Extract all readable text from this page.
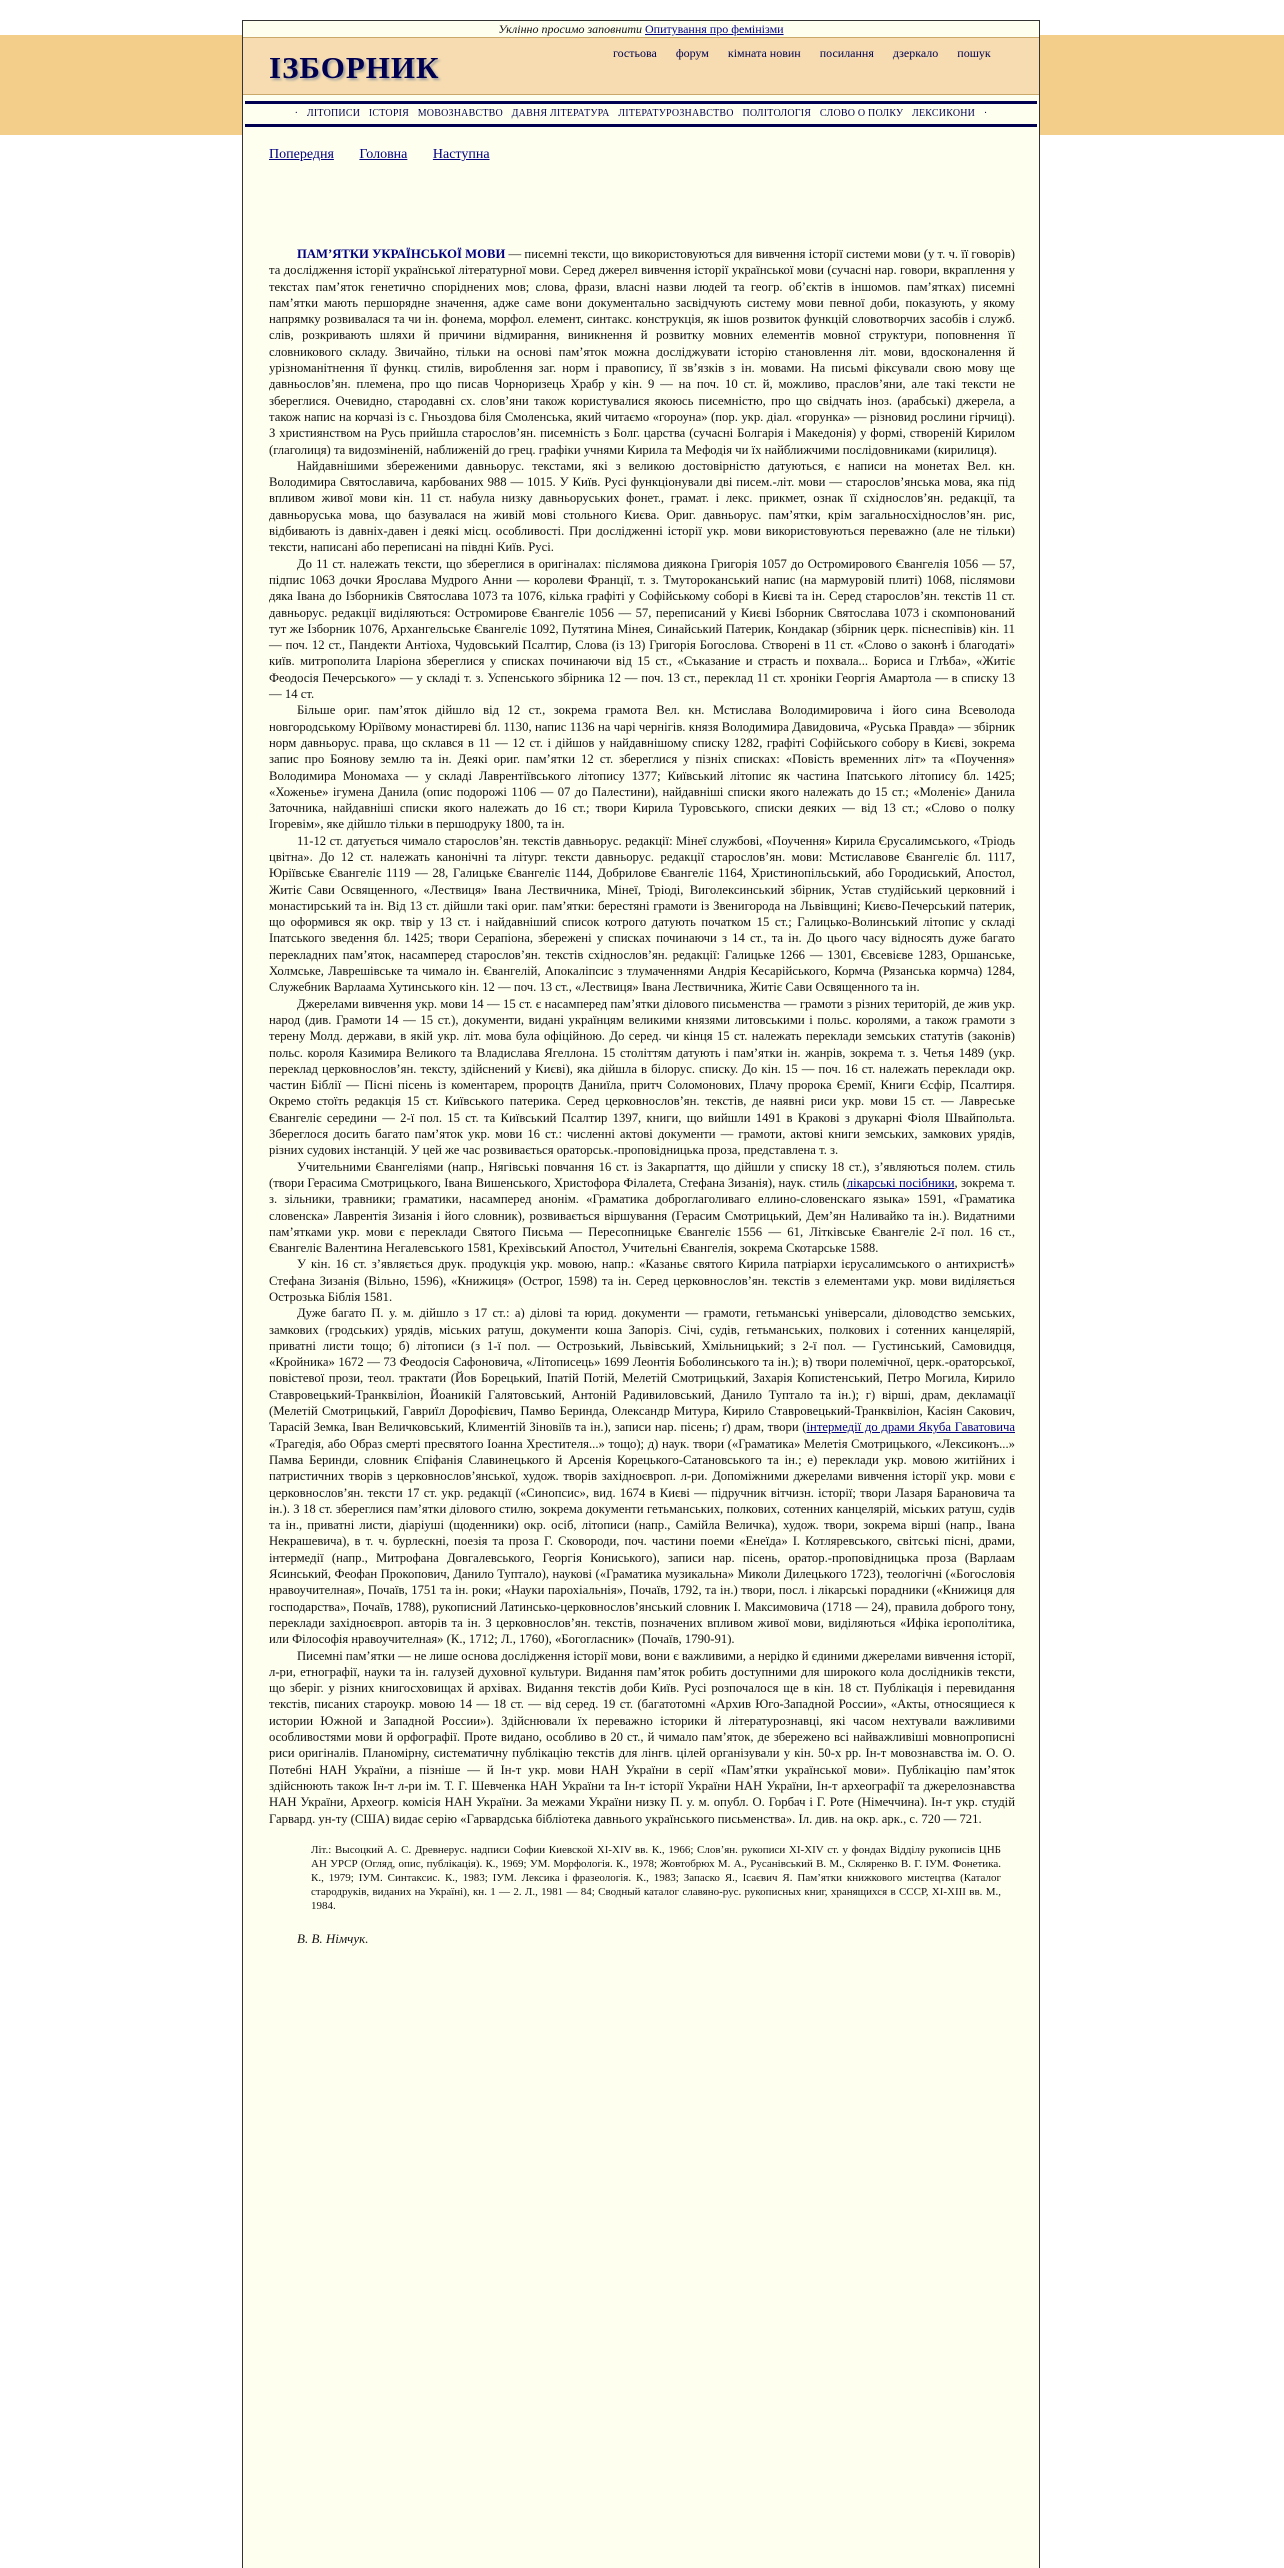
Уклінно просимо заповнити Опитування про фемінізми
ІЗБОРНИК	гостьова форум кімната новин посилання дзеркало пошук
· ЛІТОПИСИ ІСТОРІЯ МОВОЗНАВСТВО ДАВНЯ ЛІТЕРАТУРА ЛІТЕРАТУРОЗНАВСТВО ПОЛІТОЛОГІЯ СЛОВО О ПОЛКУ ЛЕКСИКОНИ ·
Попередня Головна Наступна

ПАМ’ЯТКИ УКРАЇНСЬКОЇ МОВИ — писемні тексти, що використовуються для вивчення історії системи мови (у т. ч. її говорів) та дослідження історії української літературної мови. Серед джерел вивчення історії української мови (сучасні нар. говори, вкраплення у текстах пам’яток генетично споріднених мов; слова, фрази, власні назви людей та геогр. об’єктів в іншомов. пам’ятках) писемні пам’ятки мають першорядне значення, адже саме вони документально засвідчують систему мови певної доби, показують, у якому напрямку розвивалася та чи ін. фонема, морфол. елемент, синтакс. конструкція, як ішов розвиток функцій словотворчих засобів і служб. слів, розкривають шляхи й причини відмирання, виникнення й розвитку мовних елементів мовної структури, поповнення її словникового складу. Звичайно, тільки на основі пам’яток можна досліджувати історію становлення літ. мови, вдосконалення й урізноманітнення її функц. стилів, вироблення заг. норм і правопису, її зв’язків з ін. мовами. На письмі фіксували свою мову ще давньослов’ян. племена, про що писав Чорноризець Храбр у кін. 9 — на поч. 10 ст. й, можливо, праслов’яни, але такі тексти не збереглися. Очевидно, стародавні сх. слов’яни також користувалися якоюсь писемністю, про що свідчать іноз. (арабські) джерела, а також напис на корчазі із с. Гньоздова біля Смоленська, який читаємо «гороуна» (пор. укр. діал. «горунка» — різновид рослини гірчиці). З християнством на Русь прийшла старослов’ян. писемність з Болг. царства (сучасні Болгарія і Македонія) у формі, створеній Кирилом (глаголиця) та видозміненій, наближеній до грец. графіки учнями Кирила та Мефодія чи їх найближчими послідовниками (кирилиця).

Найдавнішими збереженими давньорус. текстами, які з великою достовірністю датуються, є написи на монетах Вел. кн. Володимира Святославича, карбованих 988 — 1015. У Київ. Русі функціонували дві писем.-літ. мови — старослов’янська мова, яка під впливом живої мови кін. 11 ст. набула низку давньоруських фонет., грамат. і лекс. прикмет, ознак її східнослов’ян. редакції, та давньоруська мова, що базувалася на живій мові стольного Києва. Ориг. давньорус. пам’ятки, крім загальносхіднослов’ян. рис, відбивають із давніх-давен і деякі місц. особливості. При дослідженні історії укр. мови використовуються переважно (але не тільки) тексти, написані або переписані на півдні Київ. Русі.

До 11 ст. належать тексти, що збереглися в оригіналах: післямова диякона Григорія 1057 до Остромирового Євангелія 1056 — 57, підпис 1063 дочки Ярослава Мудрого Анни — королеви Франції, т. з. Тмутороканський напис (на мармуровій плиті) 1068, післямови дяка Івана до Ізборників Святослава 1073 та 1076, кілька графіті у Софійському соборі в Києві та ін. Серед старослов’ян. текстів 11 ст. давньорус. редакції виділяються: Остромирове Євангеліє 1056 — 57, переписаний у Києві Ізборник Святослава 1073 і скомпонований тут же Ізборник 1076, Архангельське Євангеліє 1092, Путятина Мінея, Синайський Патерик, Кондакар (збірник церк. піснеспівів) кін. 11 — поч. 12 ст., Пандекти Антіоха, Чудовський Псалтир, Слова (із 13) Григорія Богослова. Створені в 11 ст. «Слово о законѣ і благодаті» київ. митрополита Іларіона збереглися у списках починаючи від 15 ст., «Съказание и страсть и похвала... Бориса и Глѣба», «Житіє Феодосія Печерського» — у складі т. з. Успенського збірника 12 — поч. 13 ст., переклад 11 ст. хроніки Георгія Амартола — в списку 13 — 14 ст.

Більше ориг. пам’яток дійшло від 12 ст., зокрема грамота Вел. кн. Мстислава Володимировича і його сина Всеволода новгородському Юріївому монастиреві бл. 1130, напис 1136 на чарі чернігів. князя Володимира Давидовича, «Руська Правда» — збірник норм давньорус. права, що склався в 11 — 12 ст. і дійшов у найдавнішому списку 1282, графіті Софійського собору в Києві, зокрема запис про Боянову землю та ін. Деякі ориг. пам’ятки 12 ст. збереглися у пізніх списках: «Повість временних літ» та «Поучення» Володимира Мономаха — у складі Лаврентіївського літопису 1377; Київський літопис як частина Іпатського літопису бл. 1425; «Хоженье» ігумена Данила (опис подорожі 1106 — 07 до Палестини), найдавніші списки якого належать до 15 ст.; «Моленіє» Данила Заточника, найдавніші списки якого належать до 16 ст.; твори Кирила Туровського, списки деяких — від 13 ст.; «Слово о полку Ігоревім», яке дійшло тільки в першодруку 1800, та ін.

11-12 ст. датується чимало старослов’ян. текстів давньорус. редакції: Мінеї службові, «Поучення» Кирила Єрусалимського, «Тріодь цвітна». До 12 ст. належать канонічні та літург. тексти давньорус. редакції старослов’ян. мови: Мстиславове Євангеліє бл. 1117, Юріївське Євангеліє 1119 — 28, Галицьке Євангеліє 1144, Добрилове Євангеліє 1164, Христинопільський, або Городиський, Апостол, Житіє Сави Освященного, «Лествиця» Івана Лествичника, Мінеї, Тріоді, Виголексинський збірник, Устав студійський церковний і монастирський та ін. Від 13 ст. дійшли такі ориг. пам’ятки: берестяні грамоти із Звенигорода на Львівщині; Києво-Печерський патерик, що оформився як окр. твір у 13 ст. і найдавніший список котрого датують початком 15 ст.; Галицько-Волинський літопис у складі Іпатського зведення бл. 1425; твори Серапіона, збережені у списках починаючи з 14 ст., та ін. До цього часу відносять дуже багато перекладних пам’яток, насамперед старослов’ян. текстів східнослов’ян. редакції: Галицьке 1266 — 1301, Євсевієве 1283, Оршанське, Холмське, Лаврешівське та чимало ін. Євангелій, Апокаліпсис з тлумаченнями Андрія Кесарійського, Кормча (Рязанська кормча) 1284, Служебник Варлаама Хутинського кін. 12 — поч. 13 ст., «Лествиця» Івана Лествичника, Житіє Сави Освященного та ін.

Джерелами вивчення укр. мови 14 — 15 ст. є насамперед пам’ятки ділового письменства — грамоти з різних територій, де жив укр. народ (див. Грамоти 14 — 15 ст.), документи, видані українцям великими князями литовськими і польс. королями, а також грамоти з терену Молд. держави, в якій укр. літ. мова була офіційною. До серед. чи кінця 15 ст. належать переклади земських статутів (законів) польс. короля Казимира Великого та Владислава Ягеллона. 15 століттям датують і пам’ятки ін. жанрів, зокрема т. з. Четья 1489 (укр. переклад церковнослов’ян. тексту, здійснений у Києві), яка дійшла в білорус. списку. До кін. 15 — поч. 16 ст. належать переклади окр. частин Біблії — Пісні пісень із коментарем, пророцтв Даниїла, притч Соломонових, Плачу пророка Єремії, Книги Єсфір, Псалтиря. Окремо стоїть редакція 15 ст. Київського патерика. Серед церковнослов’ян. текстів, де наявні риси укр. мови 15 ст. — Лавреське Євангеліє середини — 2-ї пол. 15 ст. та Київський Псалтир 1397, книги, що вийшли 1491 в Кракові з друкарні Фіоля Швайпольта. Збереглося досить багато пам’яток укр. мови 16 ст.: численні актові документи — грамоти, актові книги земських, замкових урядів, різних судових інстанцій. У цей же час розвивається ораторськ.-проповідницька проза, представлена т. з.

Учительними Євангеліями (напр., Нягівські повчання 16 ст. із Закарпаття, що дійшли у списку 18 ст.), з’являються полем. стиль (твори Герасима Смотрицького, Івана Вишенського, Христофора Філалета, Стефана Зизанія), наук. стиль (лікарські посібники, зокрема т. з. зільники, травники; граматики, насамперед анонім. «Граматика доброглаголиваго еллино-словенскаго языка» 1591, «Граматика словенска» Лаврентія Зизанія і його словник), розвивається віршування (Герасим Смотрицький, Дем’ян Наливайко та ін.). Видатними пам’ятками укр. мови є переклади Святого Письма — Пересопницьке Євангеліє 1556 — 61, Літківське Євангеліє 2-ї пол. 16 ст., Євангеліє Валентина Негалевського 1581, Крехівський Апостол, Учительні Євангелія, зокрема Скотарське 1588.

У кін. 16 ст. з’являється друк. продукція укр. мовою, напр.: «Казаньє святого Кирила патріархи ієрусалимського о антихристѣ» Стефана Зизанія (Вільно, 1596), «Книжиця» (Острог, 1598) та ін. Серед церковнослов’ян. текстів з елементами укр. мови виділяється Острозька Біблія 1581.

Дуже багато П. у. м. дійшло з 17 ст.: а) ділові та юрид. документи — грамоти, гетьманські універсали, діловодство земських, замкових (гродських) урядів, міських ратуш, документи коша Запоріз. Січі, судів, гетьманських, полкових і сотенних канцелярій, приватні листи тощо; б) літописи (з 1-ї пол. — Острозький, Львівський, Хмільницький; з 2-ї пол. — Густинський, Самовидця, «Кройника» 1672 — 73 Феодосія Сафоновича, «Літописець» 1699 Леонтія Боболинського та ін.); в) твори полемічної, церк.-ораторської, повістевої прози, теол. трактати (Йов Борецький, Іпатій Потій, Мелетій Смотрицький, Захарія Копистенський, Петро Могила, Кирило Ставровецький-Транквіліон, Йоаникій Галятовський, Антоній Радивиловський, Данило Туптало та ін.); г) вірші, драм, декламації (Мелетій Смотрицький, Гавриїл Дорофієвич, Памво Беринда, Олександр Митура, Кирило Ставровецький-Транквіліон, Касіян Сакович, Тарасій Земка, Іван Величковський, Климентій Зіновіїв та ін.), записи нар. пісень; ґ) драм, твори (інтермедії до драми Якуба Гаватовича «Трагедія, або Образ смерті пресвятого Іоанна Хрестителя...» тощо); д) наук. твори («Граматика» Мелетія Смотрицького, «Лексиконъ...» Памва Беринди, словник Єпіфанія Славинецького й Арсенія Корецького-Сатановського та ін.; е) переклади укр. мовою житійних і патристичних творів з церковнослов’янської, худож. творів західноєвроп. л-ри. Допоміжними джерелами вивчення історії укр. мови є церковнослов’ян. тексти 17 ст. укр. редакції («Синопсис», вид. 1674 в Києві — підручник вітчизн. історії; твори Лазаря Барановича та ін.). З 18 ст. збереглися пам’ятки ділового стилю, зокрема документи гетьманських, полкових, сотенних канцелярій, міських ратуш, судів та ін., приватні листи, діаріуші (щоденники) окр. осіб, літописи (напр., Самійла Величка), худож. твори, зокрема вірші (напр., Івана Некрашевича), в т. ч. бурлескні, поезія та проза Г. Сковороди, поч. частини поеми «Енеїда» І. Котляревського, світські пісні, драми, інтермедії (напр., Митрофана Довгалевського, Георгія Кониського), записи нар. пісень, оратор.-проповідницька проза (Варлаам Ясинський, Феофан Прокопович, Данило Туптало), наукові («Граматика музикальна» Миколи Дилецького 1723), теологічні («Богословія нравоучителная», Почаїв, 1751 та ін. роки; «Науки парохіальнія», Почаїв, 1792, та ін.) твори, посл. і лікарські порадники («Книжиця для господарства», Почаїв, 1788), рукописний Латинсько-церковнослов’янський словник І. Максимовича (1718 — 24), правила доброго тону, переклади західноєвроп. авторів та ін. З церковнослов’ян. текстів, позначених впливом живої мови, виділяються «Ифіка ієрополітика, или Філософія нравоучителная» (К., 1712; Л., 1760), «Богогласник» (Почаїв, 1790-91).

Писемні пам’ятки — не лише основа дослідження історії мови, вони є важливими, а нерідко й єдиними джерелами вивчення історії, л-ри, етнографії, науки та ін. галузей духовної культури. Видання пам’яток робить доступними для широкого кола дослідників тексти, що зберіг. у різних книгосховищах й архівах. Видання текстів доби Київ. Русі розпочалося ще в кін. 18 ст. Публікація і перевидання текстів, писаних староукр. мовою 14 — 18 ст. — від серед. 19 ст. (багатотомні «Архив Юго-Западной России», «Акты, относящиеся к истории Южной и Западной России»). Здійснювали їх переважно історики й літературознавці, які часом нехтували важливими особливостями мови й орфографії. Проте видано, особливо в 20 ст., й чимало пам’яток, де збережено всі найважливіші мовнопрописні риси оригіналів. Планомірну, систематичну публікацію текстів для лінгв. цілей організували у кін. 50-х рр. Ін-т мовознавства ім. О. О. Потебні НАН України, а пізніше — й Ін-т укр. мови НАН України в серії «Пам’ятки української мови». Публікацію пам’яток здійснюють також Ін-т л-ри ім. Т. Г. Шевченка НАН України та Ін-т історії України НАН України, Ін-т археографії та джерелознавства НАН України, Археогр. комісія НАН України. За межами України низку П. у. м. опубл. О. Горбач і Г. Роте (Німеччина). Ін-т укр. студій Гарвард. ун-ту (США) видає серію «Гарвардська бібліотека давнього українського письменства». Іл. див. на окр. арк., с. 720 — 721.

Літ.: Высоцкий А. С. Древнерус. надписи Софии Киевской XI-XIV вв. К., 1966; Слов’ян. рукописи XI-XIV ст. у фондах Відділу рукописів ЦНБ АН УРСР (Огляд, опис, публікація). К., 1969; УМ. Морфологія. К., 1978; Жовтобрюх М. А., Русанівський В. М., Скляренко В. Г. ІУМ. Фонетика. К., 1979; ІУМ. Синтаксис. К., 1983; ІУМ. Лексика і фразеологія. К., 1983; Запаско Я., Ісаєвич Я. Пам’ятки книжкового мистецтва (Каталог стародруків, виданих на Україні), кн. 1 — 2. Л., 1981 — 84; Сводный каталог славяно-рус. рукописных книг, хранящихся в СССР, XI-XIII вв. М., 1984.
В. В. Німчук.
